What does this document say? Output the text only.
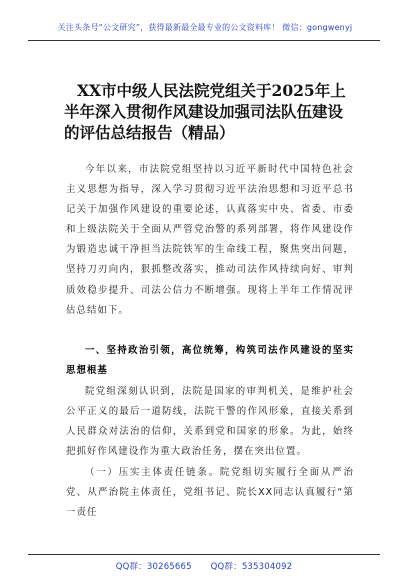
关注头条号“公文研究”，获得最新最全最专业的公文资料库！ 微信：gongwenyj
XX市中级人民法院党组关于2025年上半年深入贯彻作风建设加强司法队伍建设的评估总结报告（精品）
今年以来，市法院党组坚持以习近平新时代中国特色社会主义思想为指导，深入学习贯彻习近平法治思想和习近平总书记关于加强作风建设的重要论述，认真落实中央、省委、市委和上级法院关于全面从严管党治警的系列部署，将作风建设作为锻造忠诚干净担当法院铁军的生命线工程，聚焦突出问题，坚持刀刃向内，狠抓整改落实，推动司法作风持续向好、审判质效稳步提升、司法公信力不断增强。现将上半年工作情况评估总结如下。
一、坚持政治引领，高位统筹，构筑司法作风建设的坚实思想根基
院党组深刻认识到，法院是国家的审判机关，是维护社会公平正义的最后一道防线，法院干警的作风形象，直接关系到人民群众对法治的信仰，关系到党和国家的形象。为此，始终把抓好作风建设作为重大政治任务，摆在突出位置。
（一）压实主体责任链条。院党组切实履行全面从严治党、从严治院主体责任，党组书记、院长XX同志认真履行“第一责任
QQ群：30265665 QQ群：535304092
